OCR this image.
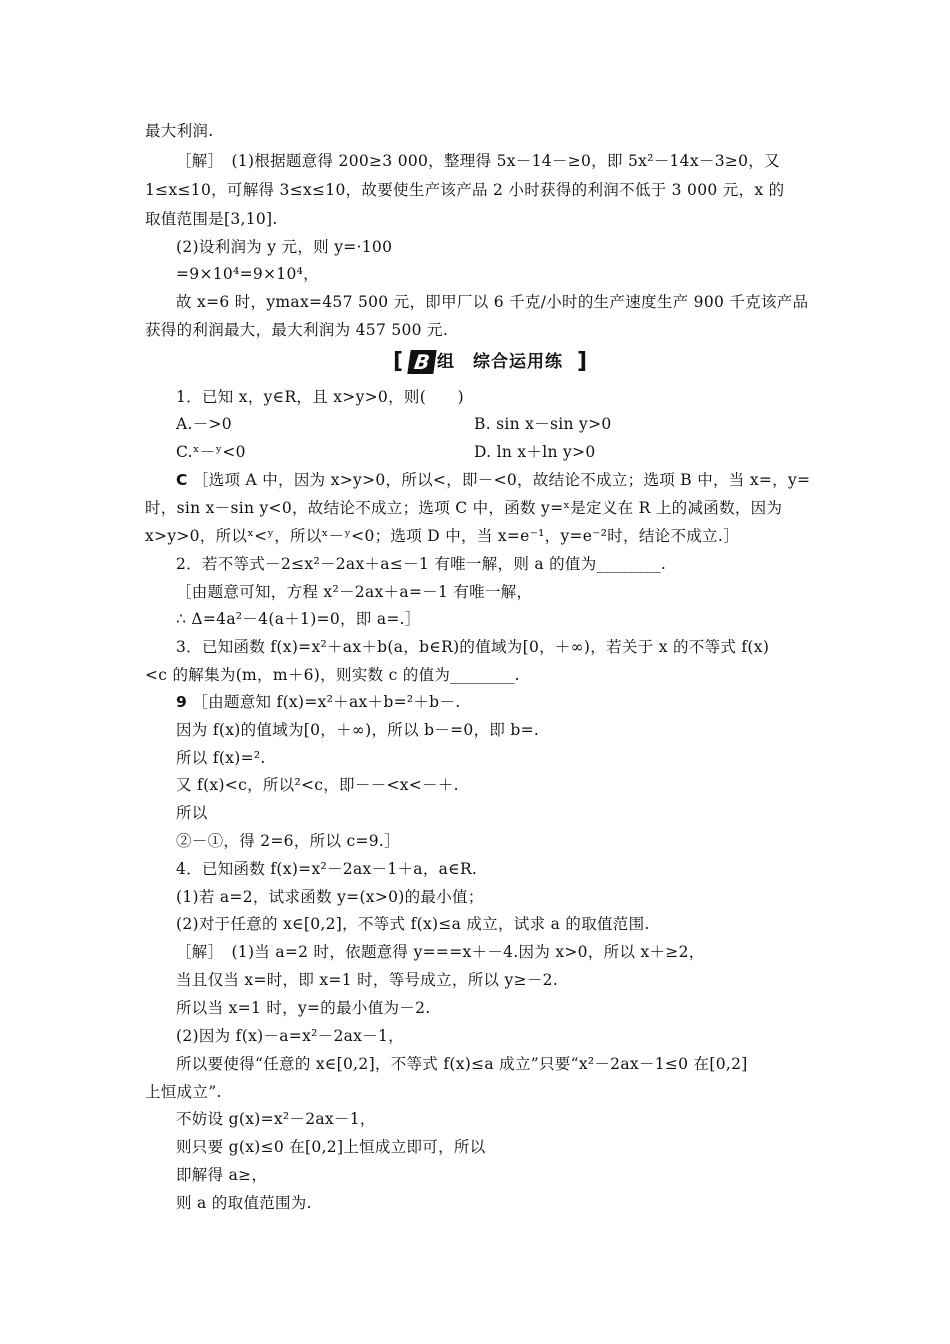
最大利润.
［解］　(1)根据题意得 200≥3 000，整理得 5x－14－≥0，即 5x²－14x－3≥0，又
1≤x≤10，可解得 3≤x≤10，故要使生产该产品 2 小时获得的利润不低于 3 000 元，x 的
取值范围是[3,10].
(2)设利润为 y 元，则 y=·100
=9×10⁴=9×10⁴，
故 x=6 时，ymax=457 500 元，即甲厂以 6 千克/小时的生产速度生产 900 千克该产品
获得的利润最大，最大利润为 457 500 元.
[ B 组　综合运用练 ]
1．已知 x，y∈R，且 x>y>0，则(　　)
A.－>0	B. sin x－sin y>0
C.ˣ－ʸ<0	D. ln x＋ln y>0
C ［选项 A 中，因为 x>y>0，所以<，即－<0，故结论不成立；选项 B 中，当 x=，y=
时，sin x－sin y<0，故结论不成立；选项 C 中，函数 y=ˣ是定义在 R 上的减函数，因为
x>y>0，所以ˣ<ʸ，所以ˣ－ʸ<0；选项 D 中，当 x=e⁻¹，y=e⁻²时，结论不成立.］
2．若不等式－2≤x²－2ax＋a≤－1 有唯一解，则 a 的值为________.
［由题意可知，方程 x²－2ax＋a=－1 有唯一解，
∴ Δ=4a²－4(a＋1)=0，即 a=.］
3．已知函数 f(x)=x²＋ax＋b(a，b∈R)的值域为[0，＋∞)，若关于 x 的不等式 f(x)
<c 的解集为(m，m＋6)，则实数 c 的值为________.
9 ［由题意知 f(x)=x²＋ax＋b=²＋b－.
因为 f(x)的值域为[0，＋∞)，所以 b－=0，即 b=.
所以 f(x)=².
又 f(x)<c，所以²<c，即－－<x<－＋.
所以
②－①，得 2=6，所以 c=9.］
4．已知函数 f(x)=x²－2ax－1＋a，a∈R.
(1)若 a=2，试求函数 y=(x>0)的最小值；
(2)对于任意的 x∈[0,2]，不等式 f(x)≤a 成立，试求 a 的取值范围.
［解］　(1)当 a=2 时，依题意得 y===x＋－4.因为 x>0，所以 x＋≥2，
当且仅当 x=时，即 x=1 时，等号成立，所以 y≥－2.
所以当 x=1 时，y=的最小值为－2.
(2)因为 f(x)－a=x²－2ax－1，
所以要使得“任意的 x∈[0,2]，不等式 f(x)≤a 成立”只要“x²－2ax－1≤0 在[0,2]
上恒成立”.
不妨设 g(x)=x²－2ax－1，
则只要 g(x)≤0 在[0,2]上恒成立即可，所以
即解得 a≥，
则 a 的取值范围为.
